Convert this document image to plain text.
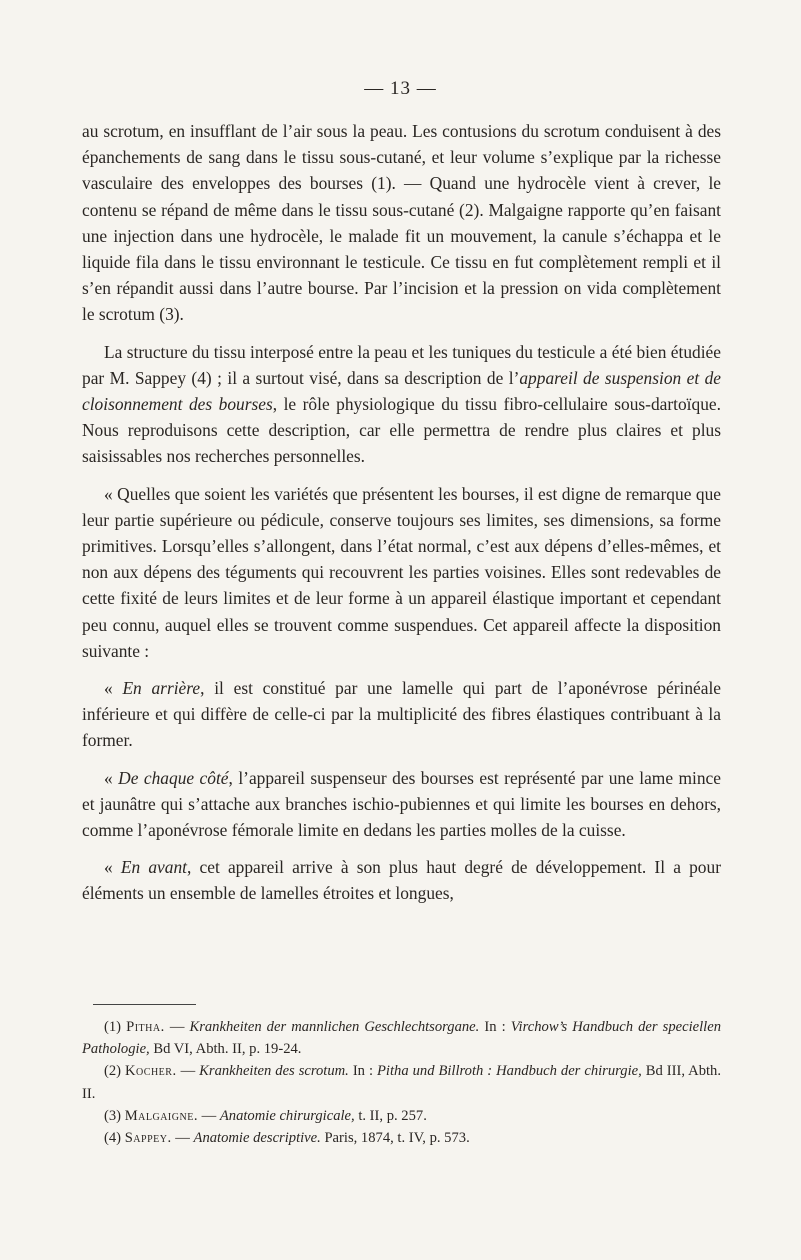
— 13 —

au scrotum, en insufflant de l’air sous la peau. Les contusions du scrotum conduisent à des épanchements de sang dans le tissu sous-cutané, et leur volume s’explique par la richesse vasculaire des enveloppes des bourses (1). — Quand une hydrocèle vient à crever, le contenu se répand de même dans le tissu sous-cutané (2). Malgaigne rapporte qu’en faisant une injection dans une hydrocèle, le malade fit un mouvement, la canule s’échappa et le liquide fila dans le tissu environnant le testicule. Ce tissu en fut complètement rempli et il s’en répandit aussi dans l’autre bourse. Par l’incision et la pression on vida complètement le scrotum (3).

La structure du tissu interposé entre la peau et les tuniques du testicule a été bien étudiée par M. Sappey (4) ; il a surtout visé, dans sa description de l’appareil de suspension et de cloisonnement des bourses, le rôle physiologique du tissu fibro-cellulaire sous-dartoïque. Nous reproduisons cette description, car elle permettra de rendre plus claires et plus saisissables nos recherches personnelles.

« Quelles que soient les variétés que présentent les bourses, il est digne de remarque que leur partie supérieure ou pédicule, conserve toujours ses limites, ses dimensions, sa forme primitives. Lorsqu’elles s’allongent, dans l’état normal, c’est aux dépens d’elles-mêmes, et non aux dépens des téguments qui recouvrent les parties voisines. Elles sont redevables de cette fixité de leurs limites et de leur forme à un appareil élastique important et cependant peu connu, auquel elles se trouvent comme suspendues. Cet appareil affecte la disposition suivante :

« En arrière, il est constitué par une lamelle qui part de l’aponévrose périnéale inférieure et qui diffère de celle-ci par la multiplicité des fibres élastiques contribuant à la former.

« De chaque côté, l’appareil suspenseur des bourses est représenté par une lame mince et jaunâtre qui s’attache aux branches ischio-pubiennes et qui limite les bourses en dehors, comme l’aponévrose fémorale limite en dedans les parties molles de la cuisse.

« En avant, cet appareil arrive à son plus haut degré de développement. Il a pour éléments un ensemble de lamelles étroites et longues,

(1) Pitha. — Krankheiten der mannlichen Geschlechtsorgane. In : Virchow’s Handbuch der speciellen Pathologie, Bd VI, Abth. II, p. 19-24.

(2) Kocher. — Krankheiten des scrotum. In : Pitha und Billroth : Handbuch der chirurgie, Bd III, Abth. II.

(3) Malgaigne. — Anatomie chirurgicale, t. II, p. 257.

(4) Sappey. — Anatomie descriptive. Paris, 1874, t. IV, p. 573.
